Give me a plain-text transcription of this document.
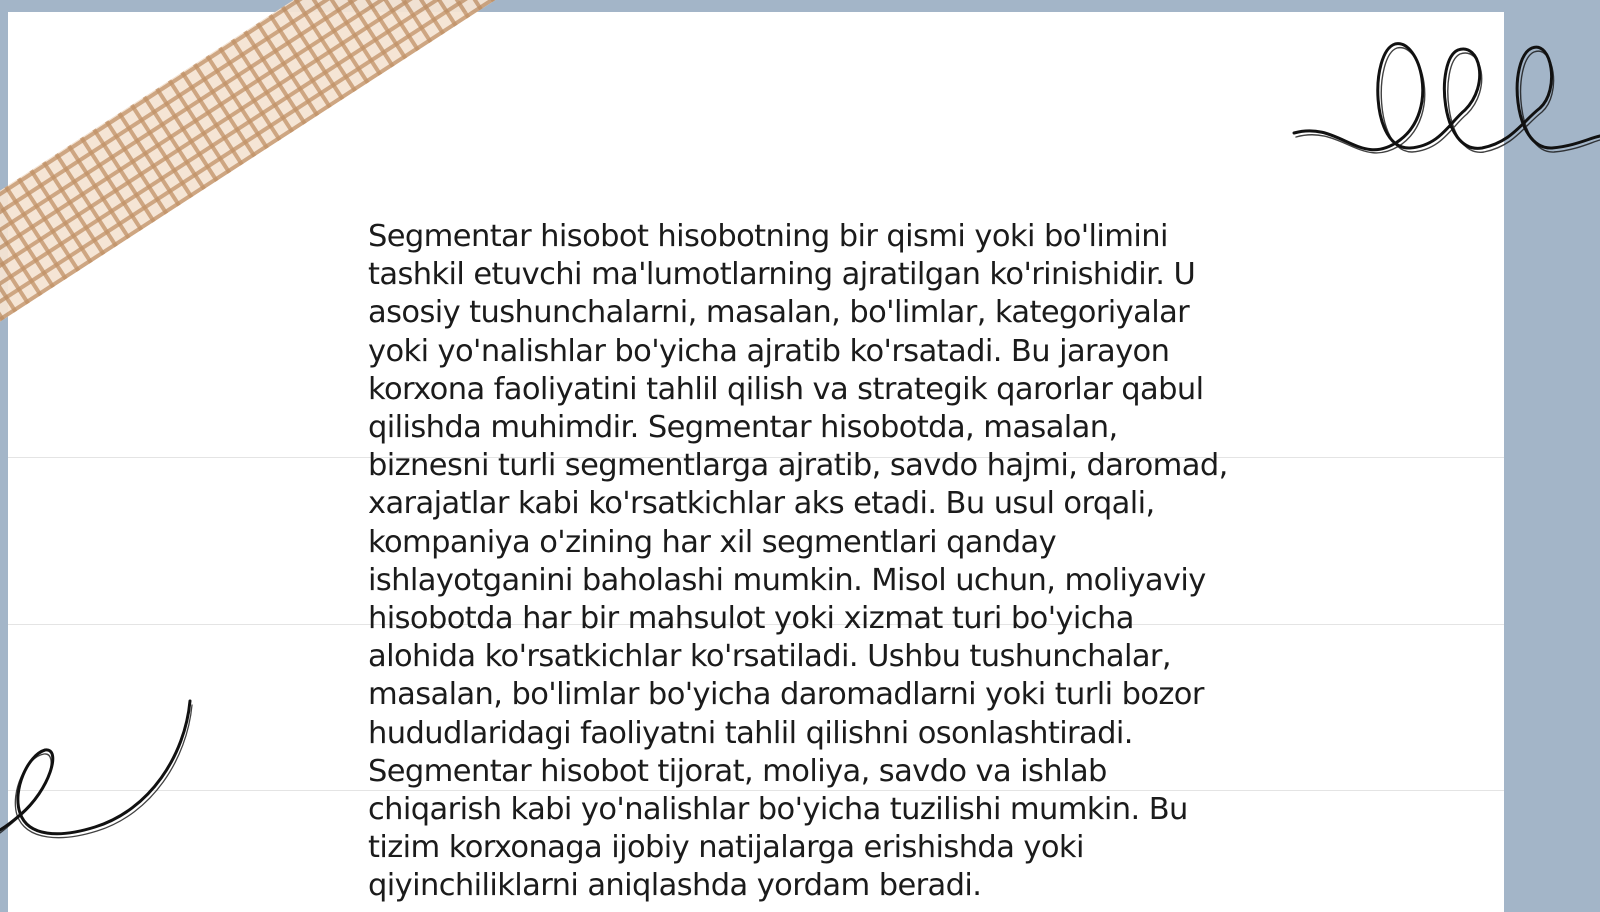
Segmentar hisobot hisobotning bir qismi yoki bo'limini
tashkil etuvchi ma'lumotlarning ajratilgan ko'rinishidir. U
asosiy tushunchalarni, masalan, bo'limlar, kategoriyalar
yoki yo'nalishlar bo'yicha ajratib ko'rsatadi. Bu jarayon
korxona faoliyatini tahlil qilish va strategik qarorlar qabul
qilishda muhimdir. Segmentar hisobotda, masalan,
biznesni turli segmentlarga ajratib, savdo hajmi, daromad,
xarajatlar kabi ko'rsatkichlar aks etadi. Bu usul orqali,
kompaniya o'zining har xil segmentlari qanday
ishlayotganini baholashi mumkin. Misol uchun, moliyaviy
hisobotda har bir mahsulot yoki xizmat turi bo'yicha
alohida ko'rsatkichlar ko'rsatiladi. Ushbu tushunchalar,
masalan, bo'limlar bo'yicha daromadlarni yoki turli bozor
hududlaridagi faoliyatni tahlil qilishni osonlashtiradi.
Segmentar hisobot tijorat, moliya, savdo va ishlab
chiqarish kabi yo'nalishlar bo'yicha tuzilishi mumkin. Bu
tizim korxonaga ijobiy natijalarga erishishda yoki
qiyinchiliklarni aniqlashda yordam beradi.
